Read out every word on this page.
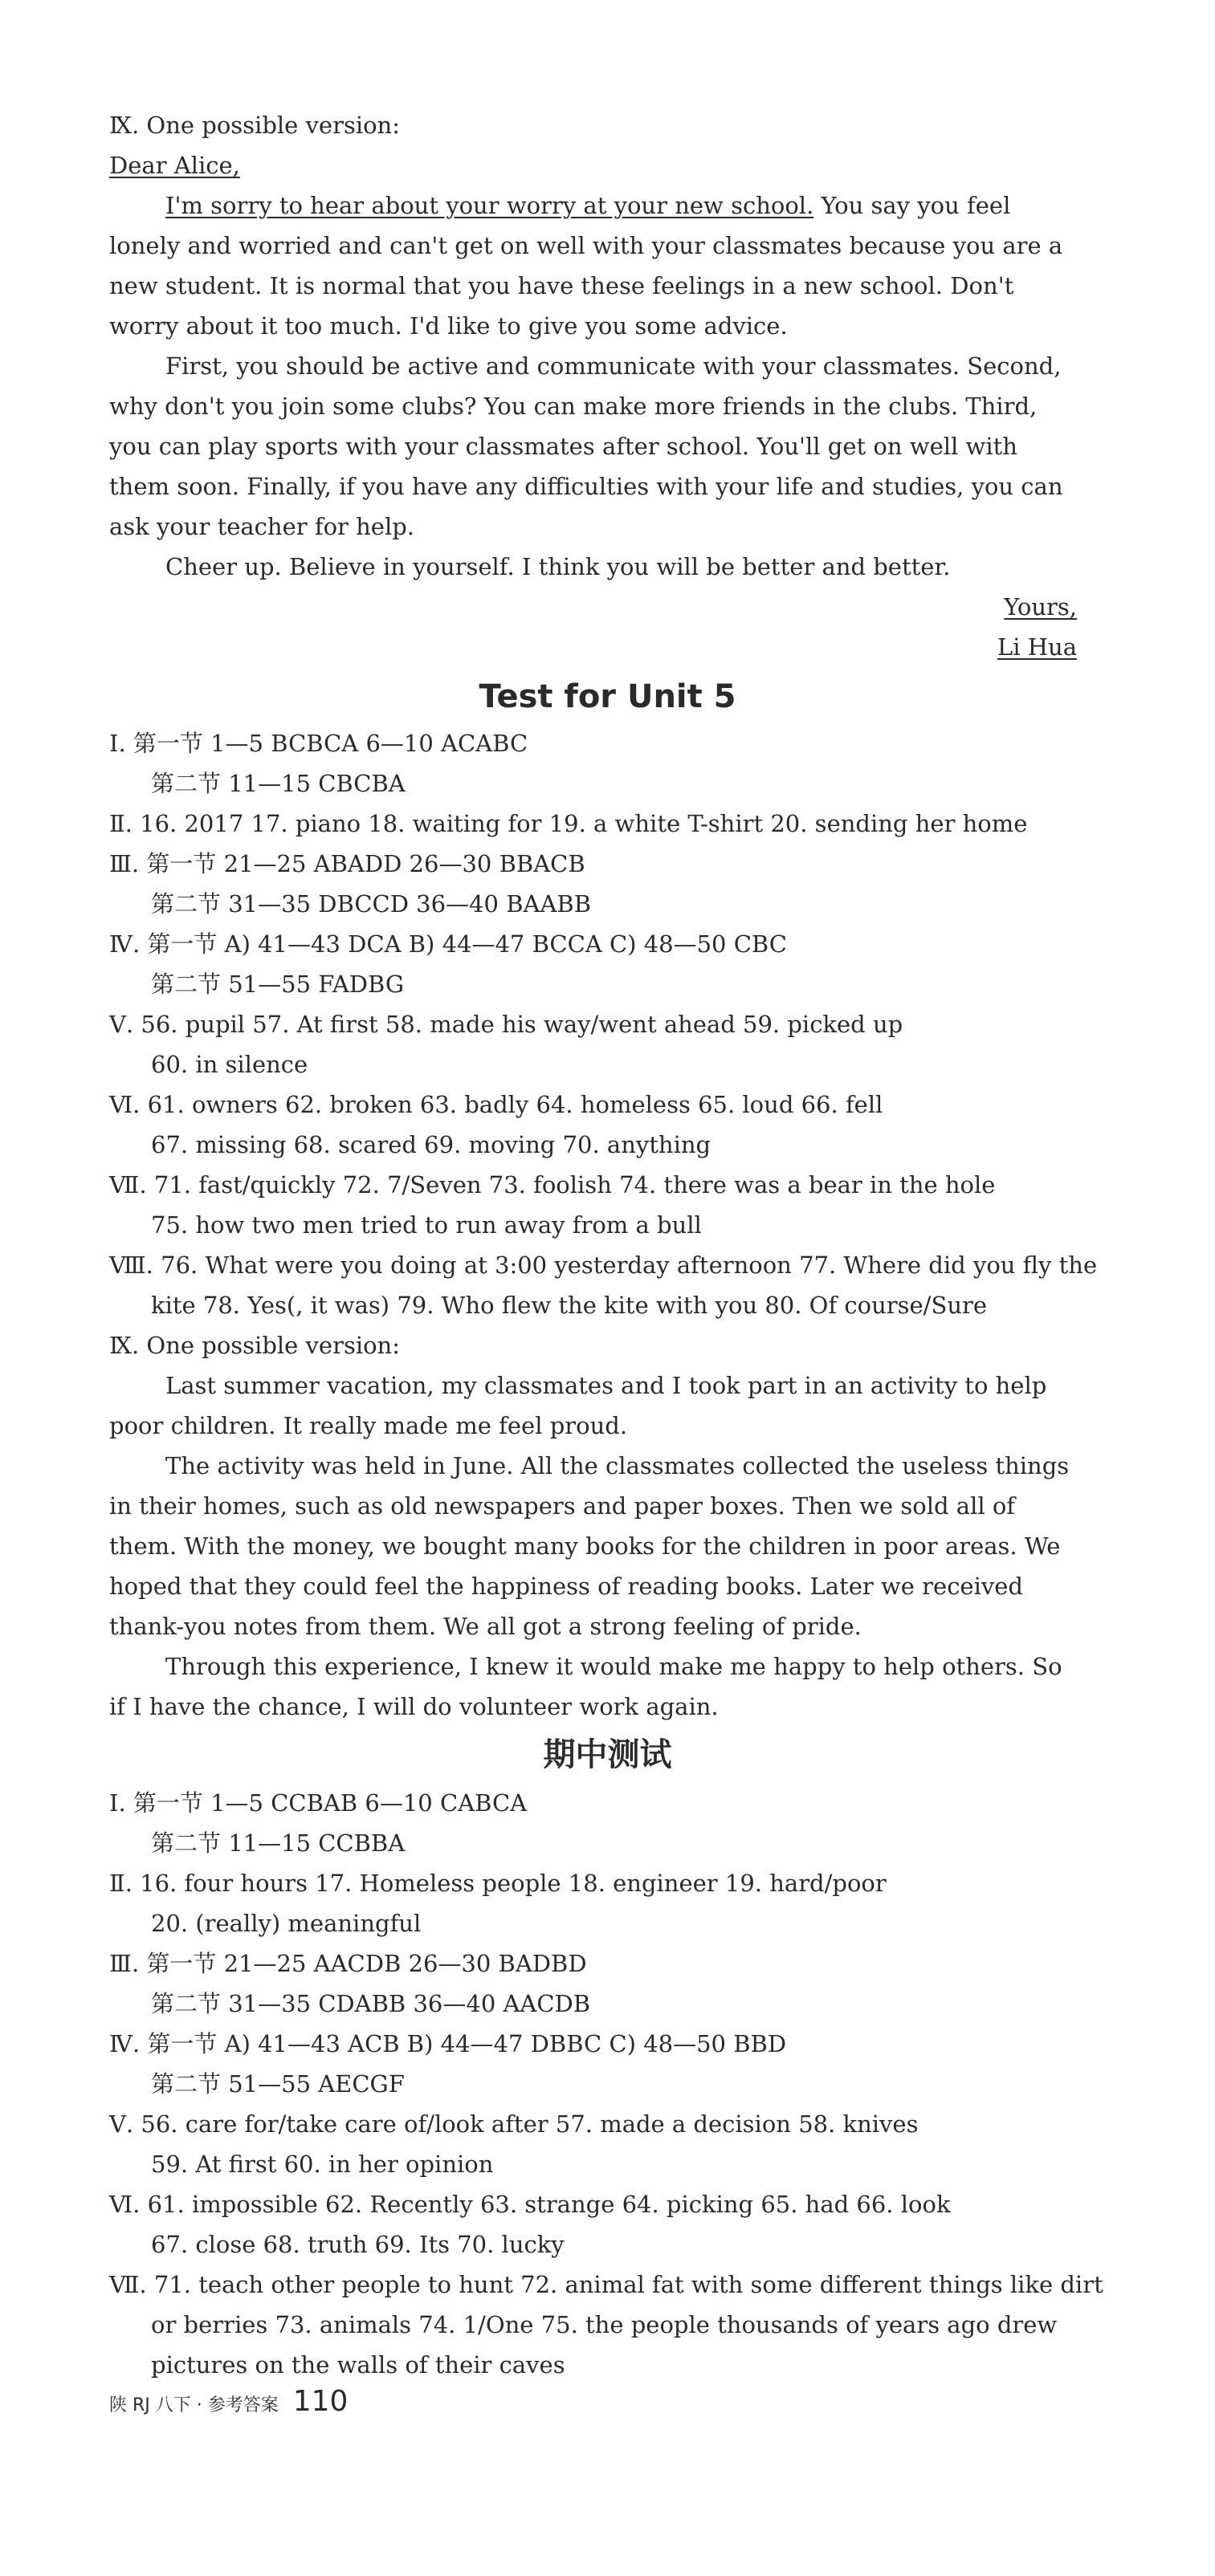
Ⅸ. One possible version:
Dear Alice,
I'm sorry to hear about your worry at your new school. You say you feel
lonely and worried and can't get on well with your classmates because you are a
new student. It is normal that you have these feelings in a new school. Don't
worry about it too much. I'd like to give you some advice.
First, you should be active and communicate with your classmates. Second,
why don't you join some clubs? You can make more friends in the clubs. Third,
you can play sports with your classmates after school. You'll get on well with
them soon. Finally, if you have any difficulties with your life and studies, you can
ask your teacher for help.
Cheer up. Believe in yourself. I think you will be better and better.
Yours,
Li Hua
Test for Unit 5
Ⅰ. 第一节 1—5 BCBCA 6—10 ACABC
第二节 11—15 CBCBA
Ⅱ. 16. 2017 17. piano 18. waiting for 19. a white T-shirt 20. sending her home
Ⅲ. 第一节 21—25 ABADD 26—30 BBACB
第二节 31—35 DBCCD 36—40 BAABB
Ⅳ. 第一节 A) 41—43 DCA B) 44—47 BCCA C) 48—50 CBC
第二节 51—55 FADBG
Ⅴ. 56. pupil 57. At first 58. made his way/went ahead 59. picked up
60. in silence
Ⅵ. 61. owners 62. broken 63. badly 64. homeless 65. loud 66. fell
67. missing 68. scared 69. moving 70. anything
Ⅶ. 71. fast/quickly 72. 7/Seven 73. foolish 74. there was a bear in the hole
75. how two men tried to run away from a bull
Ⅷ. 76. What were you doing at 3:00 yesterday afternoon 77. Where did you fly the
kite 78. Yes(, it was) 79. Who flew the kite with you 80. Of course/Sure
Ⅸ. One possible version:
Last summer vacation, my classmates and I took part in an activity to help
poor children. It really made me feel proud.
The activity was held in June. All the classmates collected the useless things
in their homes, such as old newspapers and paper boxes. Then we sold all of
them. With the money, we bought many books for the children in poor areas. We
hoped that they could feel the happiness of reading books. Later we received
thank-you notes from them. We all got a strong feeling of pride.
Through this experience, I knew it would make me happy to help others. So
if I have the chance, I will do volunteer work again.
期中测试
Ⅰ. 第一节 1—5 CCBAB 6—10 CABCA
第二节 11—15 CCBBA
Ⅱ. 16. four hours 17. Homeless people 18. engineer 19. hard/poor
20. (really) meaningful
Ⅲ. 第一节 21—25 AACDB 26—30 BADBD
第二节 31—35 CDABB 36—40 AACDB
Ⅳ. 第一节 A) 41—43 ACB B) 44—47 DBBC C) 48—50 BBD
第二节 51—55 AECGF
Ⅴ. 56. care for/take care of/look after 57. made a decision 58. knives
59. At first 60. in her opinion
Ⅵ. 61. impossible 62. Recently 63. strange 64. picking 65. had 66. look
67. close 68. truth 69. Its 70. lucky
Ⅶ. 71. teach other people to hunt 72. animal fat with some different things like dirt
or berries 73. animals 74. 1/One 75. the people thousands of years ago drew
pictures on the walls of their caves
陕 RJ 八下 · 参考答案 110
